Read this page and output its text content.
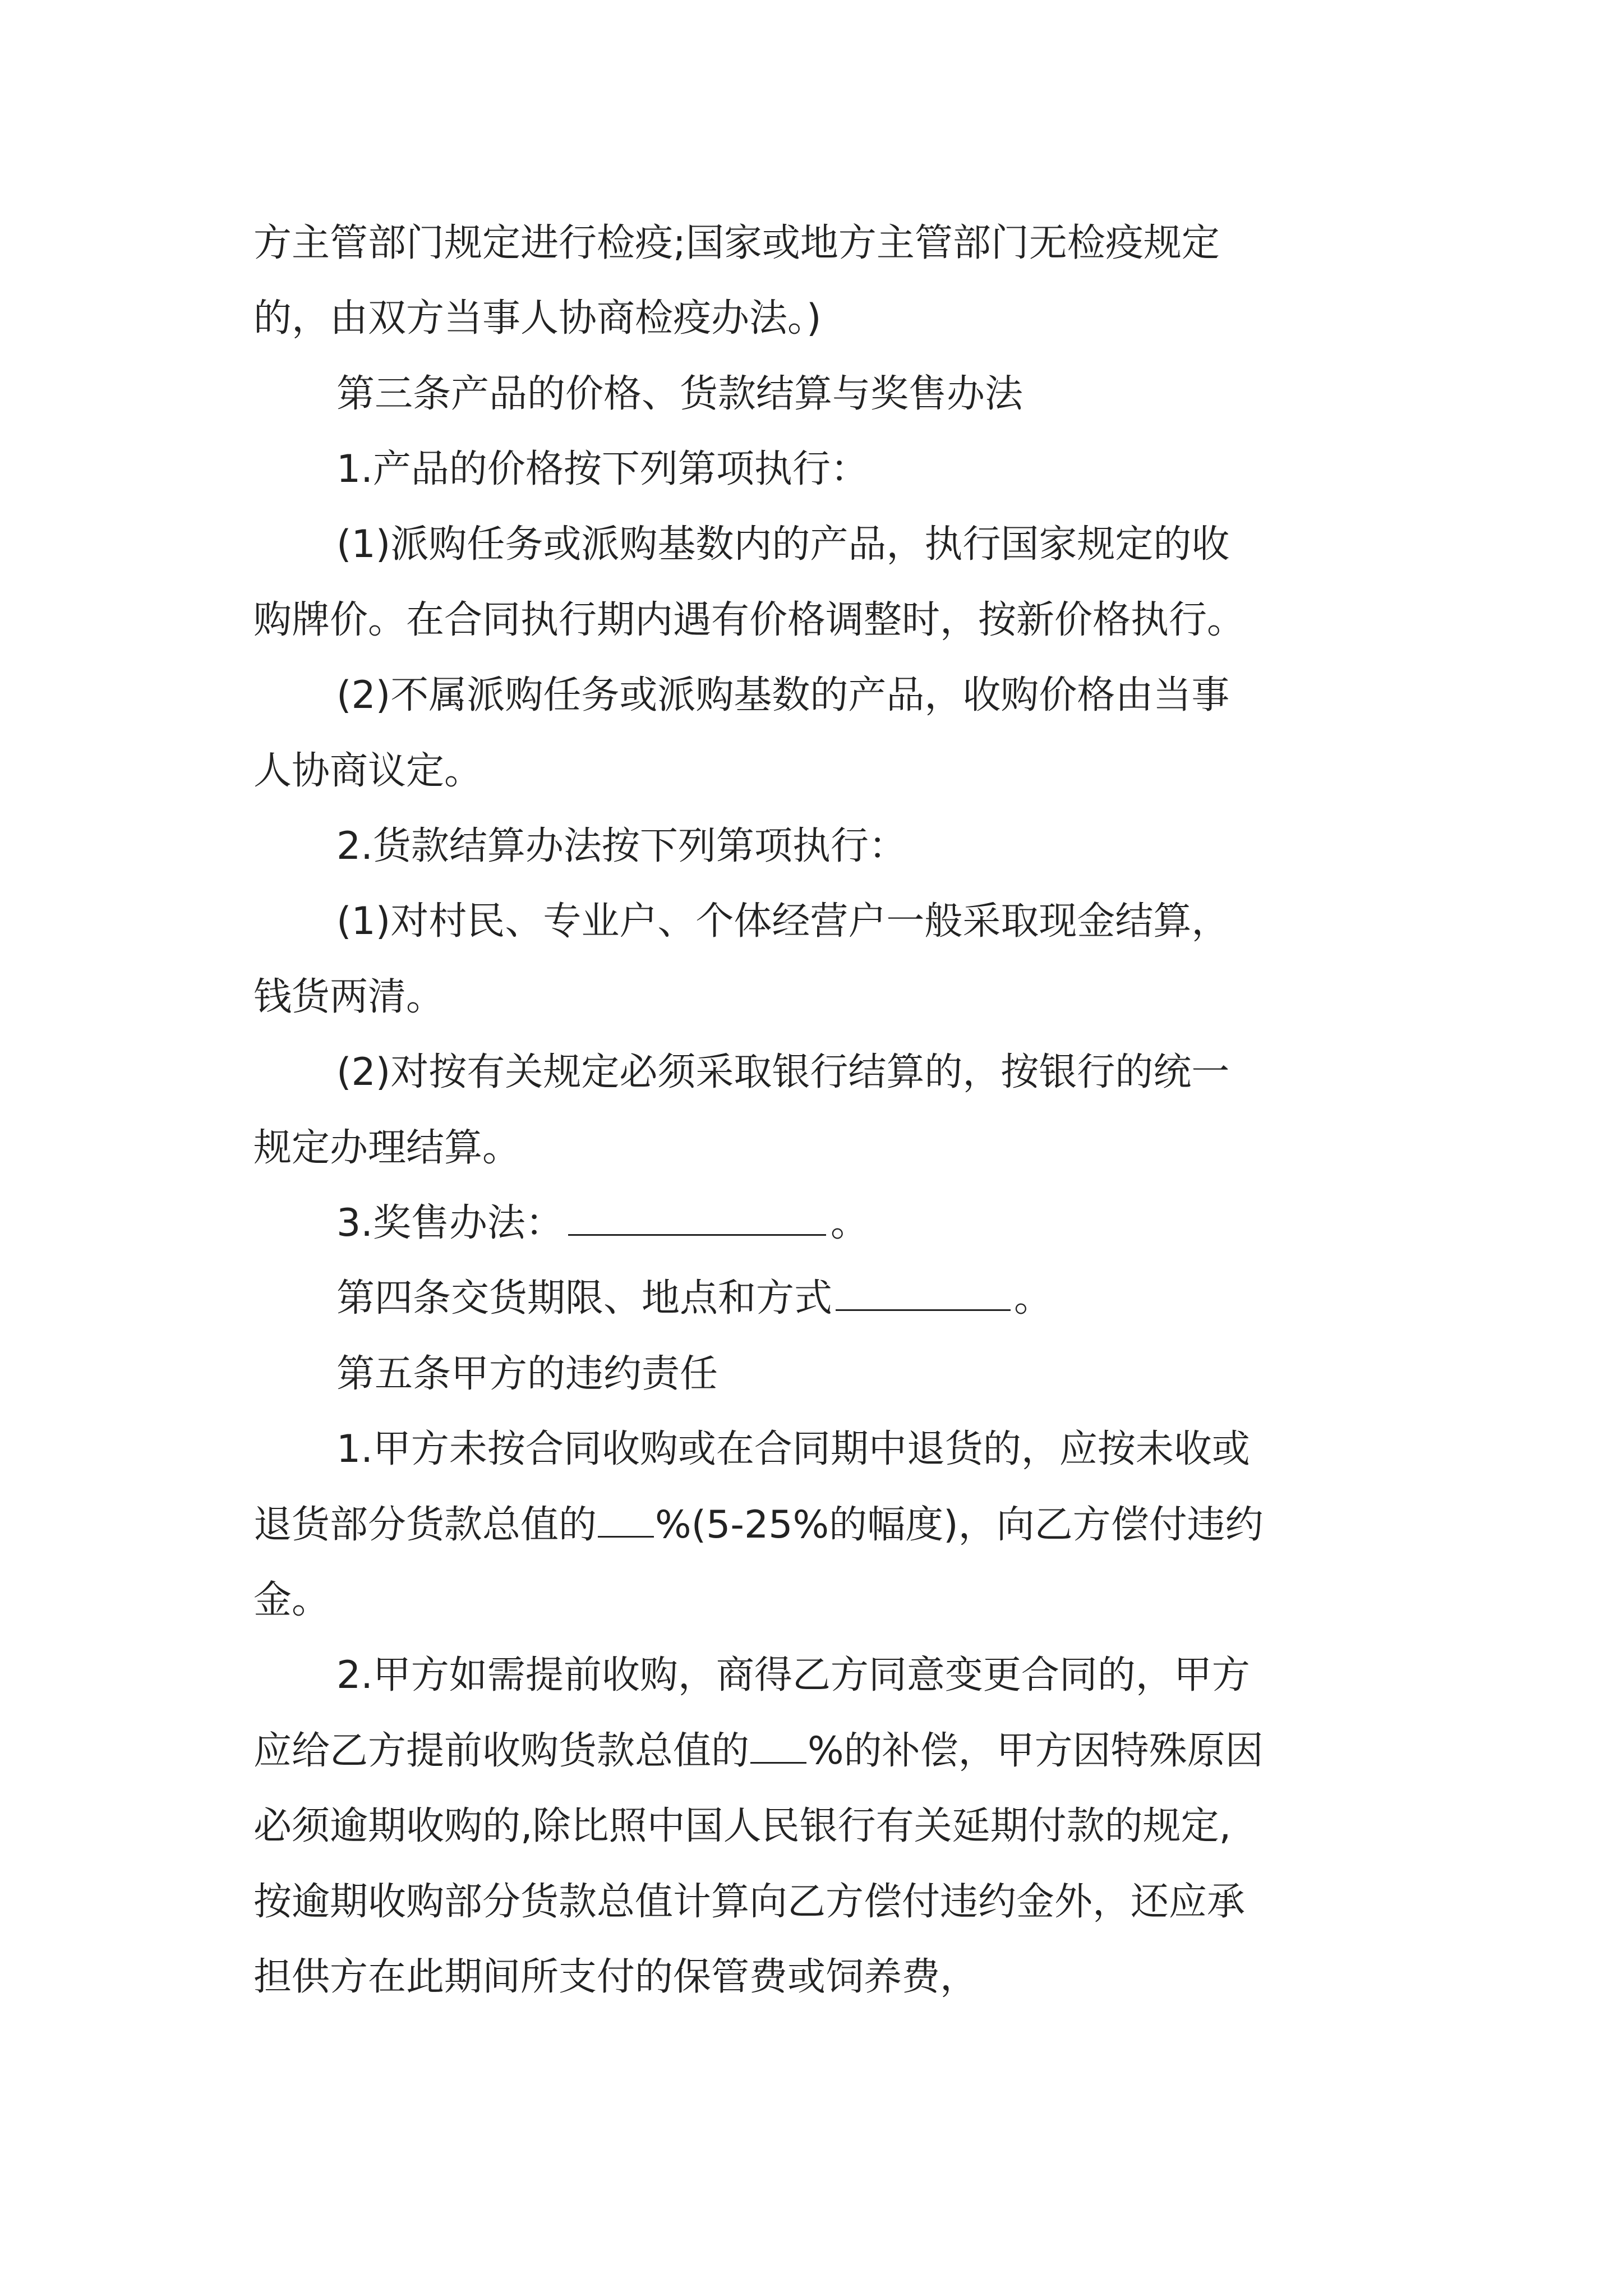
方主管部门规定进行检疫;国家或地方主管部门无检疫规定

的，由双方当事人协商检疫办法。)

第三条产品的价格、货款结算与奖售办法

1.产品的价格按下列第项执行：

(1)派购任务或派购基数内的产品，执行国家规定的收

购牌价。在合同执行期内遇有价格调整时，按新价格执行。

(2)不属派购任务或派购基数的产品，收购价格由当事

人协商议定。

2.货款结算办法按下列第项执行：

(1)对村民、专业户、个体经营户一般采取现金结算，

钱货两清。

(2)对按有关规定必须采取银行结算的，按银行的统一

规定办理结算。

3.奖售办法：	。

第四条交货期限、地点和方式	。

第五条甲方的违约责任

1.甲方未按合同收购或在合同期中退货的，应按未收或

退货部分货款总值的 %(5-25%的幅度)，向乙方偿付违约

金。

2.甲方如需提前收购，商得乙方同意变更合同的，甲方

应给乙方提前收购货款总值的 %的补偿，甲方因特殊原因

必须逾期收购的,除比照中国人民银行有关延期付款的规定,

按逾期收购部分货款总值计算向乙方偿付违约金外，还应承

担供方在此期间所支付的保管费或饲养费，
